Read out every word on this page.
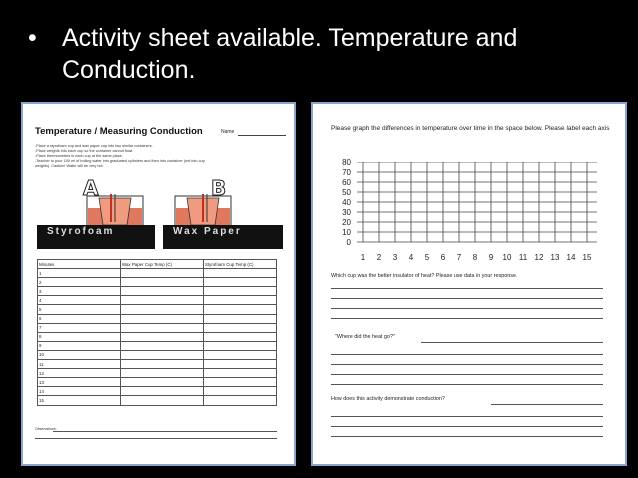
•	Activity sheet available. Temperature and Conduction.
Temperature / Measuring Conduction	Name
-Place a styrofoam cup and wax paper cup into two similar containers.
-Place weights into each cup so the container cannot float.
-Place thermometers in each cup at the same place.
-Teacher to pour 100 ml of boiling water into graduated cylinders and then into container (not into cup
weights). Caution! Water will be very hot.
A	B
Styrofoam	Wax Paper
Minutes	Wax Paper Cup Temp (C)	Styrofoam Cup Temp (C)
1		
2		
3		
4		
5		
6		
7		
8		
9		
10		
11		
12		
13		
14		
15		
Observations:
Please graph the differences in temperature over time in the space below. Please label each axis
80
70
60
50
40
30
20
10
0
1	2	3	4	5	6	7	8	9	10 11 12 13 14 15
Which cup was the better insulator of heat? Please use data in your response.
"Where did the heat go?"
How does this activity demonstrate conduction?
